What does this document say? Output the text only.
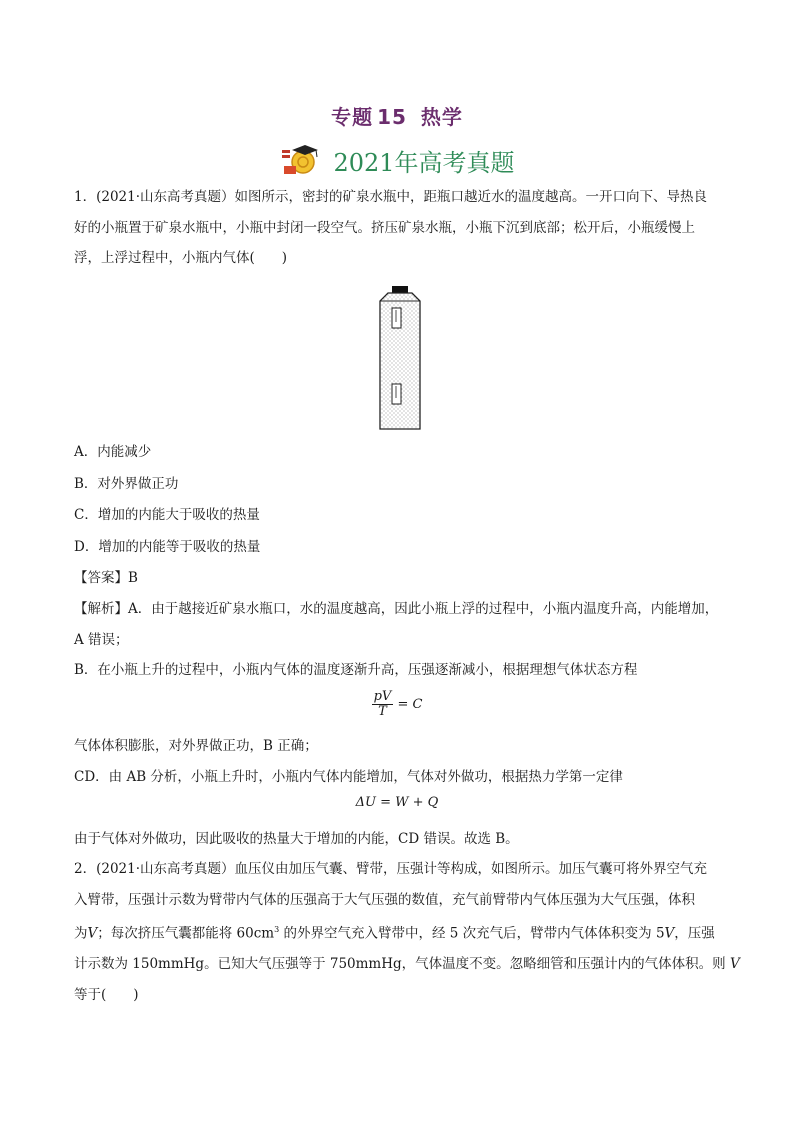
专题 15 热学
2021年高考真题
1．(2021·山东高考真题）如图所示，密封的矿泉水瓶中，距瓶口越近水的温度越高。一开口向下、导热良
好的小瓶置于矿泉水瓶中，小瓶中封闭一段空气。挤压矿泉水瓶，小瓶下沉到底部；松开后，小瓶缓慢上
浮，上浮过程中，小瓶内气体(　　)
A．内能减少
B．对外界做正功
C．增加的内能大于吸收的热量
D．增加的内能等于吸收的热量
【答案】B
【解析】A．由于越接近矿泉水瓶口，水的温度越高，因此小瓶上浮的过程中，小瓶内温度升高，内能增加，
A 错误；
B．在小瓶上升的过程中，小瓶内气体的温度逐渐升高，压强逐渐减小，根据理想气体状态方程
$\frac{pV}{T} = C$
气体体积膨胀，对外界做正功，B 正确；
CD．由 AB 分析，小瓶上升时，小瓶内气体内能增加，气体对外做功，根据热力学第一定律
ΔU = W + Q
由于气体对外做功，因此吸收的热量大于增加的内能，CD 错误。故选 B。
2．(2021·山东高考真题）血压仪由加压气囊、臂带，压强计等构成，如图所示。加压气囊可将外界空气充
入臂带，压强计示数为臂带内气体的压强高于大气压强的数值，充气前臂带内气体压强为大气压强，体积
为V；每次挤压气囊都能将 $60cm^3$ 的外界空气充入臂带中，经 5 次充气后，臂带内气体体积变为 5V，压强
计示数为 150mmHg。已知大气压强等于 750mmHg，气体温度不变。忽略细管和压强计内的气体体积。则 V
等于(　　)
